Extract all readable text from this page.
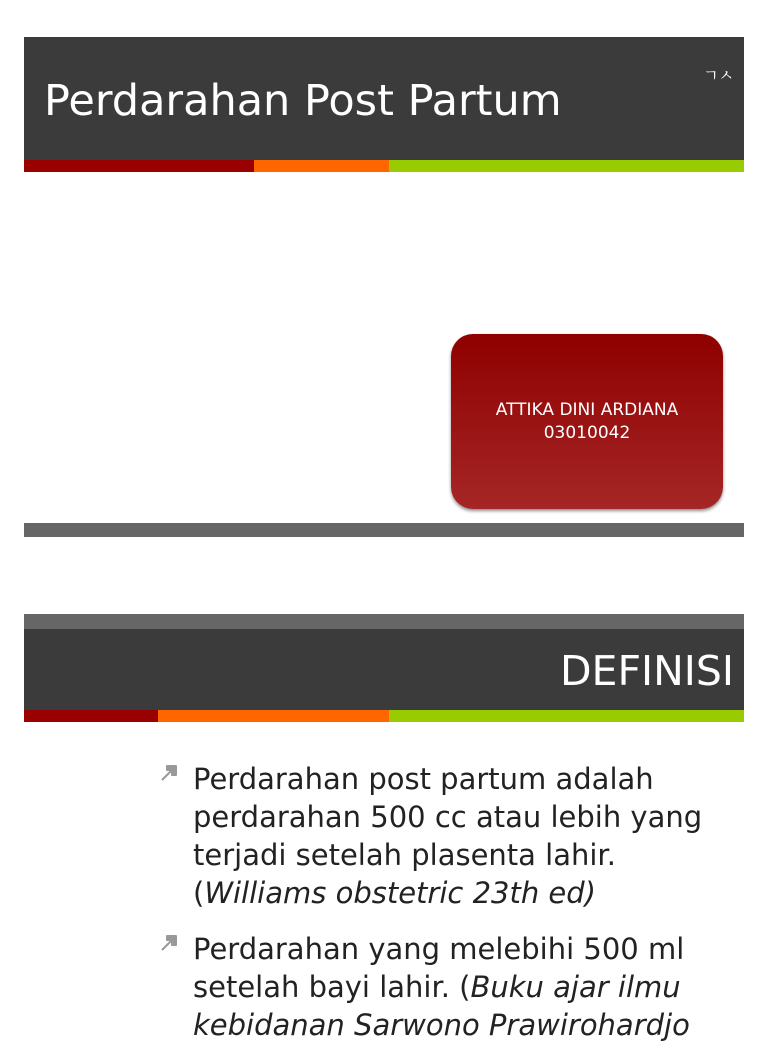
Perdarahan Post Partum
ㄱㅅ
ATTIKA DINI ARDIANA
03010042
DEFINISI
Perdarahan post partum adalah perdarahan 500 cc atau lebih yang terjadi setelah plasenta lahir. (Williams obstetric 23th ed)
Perdarahan yang melebihi 500 ml setelah bayi lahir. (Buku ajar ilmu kebidanan Sarwono Prawirohardjo
